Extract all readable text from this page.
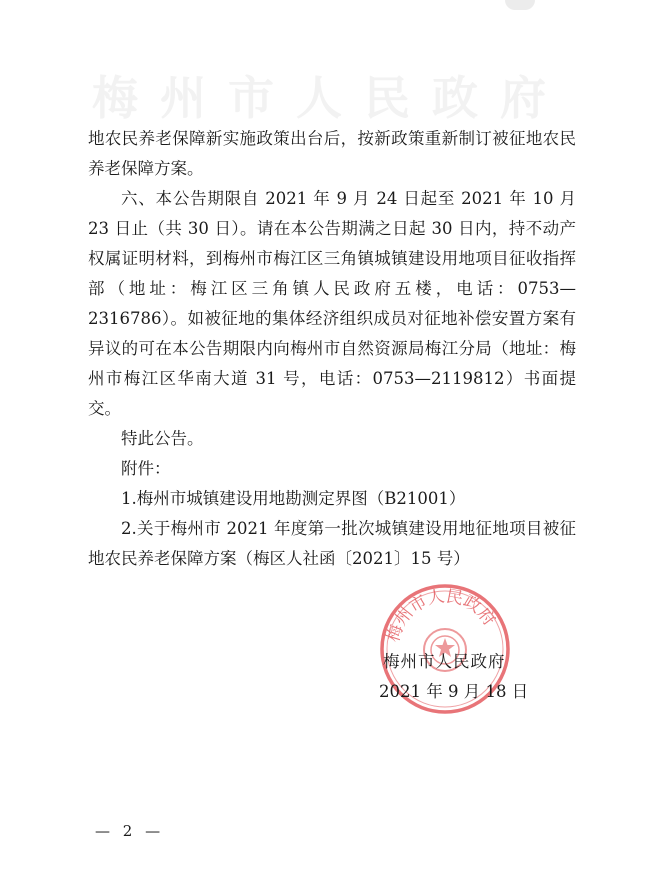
梅州市人民政府

地农民养老保障新实施政策出台后，按新政策重新制订被征地农民养老保障方案。

六、本公告期限自 2021 年 9 月 24 日起至 2021 年 10 月 23 日止（共 30 日）。请在本公告期满之日起 30 日内，持不动产权属证明材料，到梅州市梅江区三角镇城镇建设用地项目征收指挥部（地址：梅江区三角镇人民政府五楼，电话：0753—2316786）。如被征地的集体经济组织成员对征地补偿安置方案有异议的可在本公告期限内向梅州市自然资源局梅江分局（地址：梅州市梅江区华南大道 31 号，电话：0753—2119812）书面提交。

特此公告。

附件：

1.梅州市城镇建设用地勘测定界图（B21001）

2.关于梅州市 2021 年度第一批次城镇建设用地征地项目被征地农民养老保障方案（梅区人社函〔2021〕15 号）

梅州市人民政府
梅州市人民政府
2021 年 9 月 18 日
— 2 —
